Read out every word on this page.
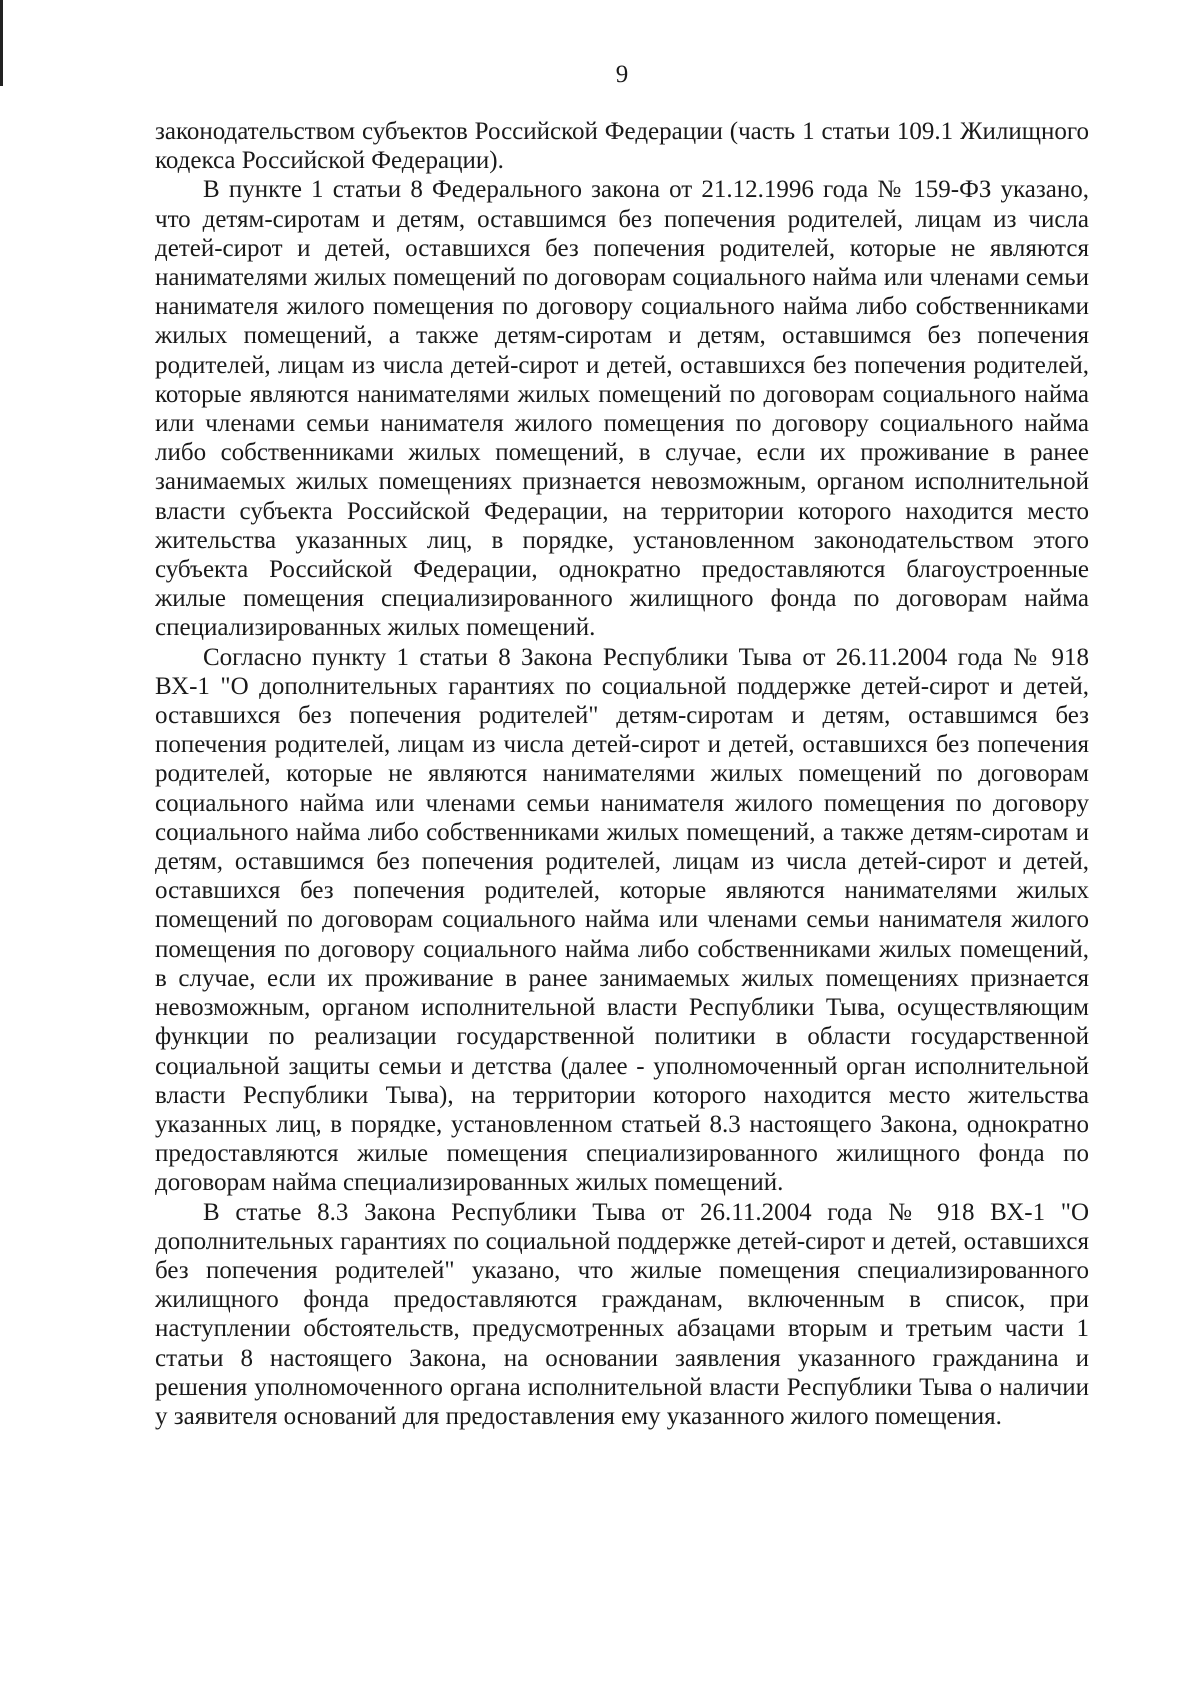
9

законодательством субъектов Российской Федерации (часть 1 статьи 109.1 Жилищного кодекса Российской Федерации).

В пункте 1 статьи 8 Федерального закона от 21.12.1996 года № 159-ФЗ указано, что детям-сиротам и детям, оставшимся без попечения родителей, лицам из числа детей-сирот и детей, оставшихся без попечения родителей, которые не являются нанимателями жилых помещений по договорам социального найма или членами семьи нанимателя жилого помещения по договору социального найма либо собственниками жилых помещений, а также детям-сиротам и детям, оставшимся без попечения родителей, лицам из числа детей-сирот и детей, оставшихся без попечения родителей, которые являются нанимателями жилых помещений по договорам социального найма или членами семьи нанимателя жилого помещения по договору социального найма либо собственниками жилых помещений, в случае, если их проживание в ранее занимаемых жилых помещениях признается невозможным, органом исполнительной власти субъекта Российской Федерации, на территории которого находится место жительства указанных лиц, в порядке, установленном законодательством этого субъекта Российской Федерации, однократно предоставляются благоустроенные жилые помещения специализированного жилищного фонда по договорам найма специализированных жилых помещений.

Согласно пункту 1 статьи 8 Закона Республики Тыва от 26.11.2004 года № 918 ВХ-1 "О дополнительных гарантиях по социальной поддержке детей-сирот и детей, оставшихся без попечения родителей" детям-сиротам и детям, оставшимся без попечения родителей, лицам из числа детей-сирот и детей, оставшихся без попечения родителей, которые не являются нанимателями жилых помещений по договорам социального найма или членами семьи нанимателя жилого помещения по договору социального найма либо собственниками жилых помещений, а также детям-сиротам и детям, оставшимся без попечения родителей, лицам из числа детей-сирот и детей, оставшихся без попечения родителей, которые являются нанимателями жилых помещений по договорам социального найма или членами семьи нанимателя жилого помещения по договору социального найма либо собственниками жилых помещений, в случае, если их проживание в ранее занимаемых жилых помещениях признается невозможным, органом исполнительной власти Республики Тыва, осуществляющим функции по реализации государственной политики в области государственной социальной защиты семьи и детства (далее - уполномоченный орган исполнительной власти Республики Тыва), на территории которого находится место жительства указанных лиц, в порядке, установленном статьей 8.3 настоящего Закона, однократно предоставляются жилые помещения специализированного жилищного фонда по договорам найма специализированных жилых помещений.

В статье 8.3 Закона Республики Тыва от 26.11.2004 года № 918 ВХ-1 "О дополнительных гарантиях по социальной поддержке детей-сирот и детей, оставшихся без попечения родителей" указано, что жилые помещения специализированного жилищного фонда предоставляются гражданам, включенным в список, при наступлении обстоятельств, предусмотренных абзацами вторым и третьим части 1 статьи 8 настоящего Закона, на основании заявления указанного гражданина и решения уполномоченного органа исполнительной власти Республики Тыва о наличии у заявителя оснований для предоставления ему указанного жилого помещения.
